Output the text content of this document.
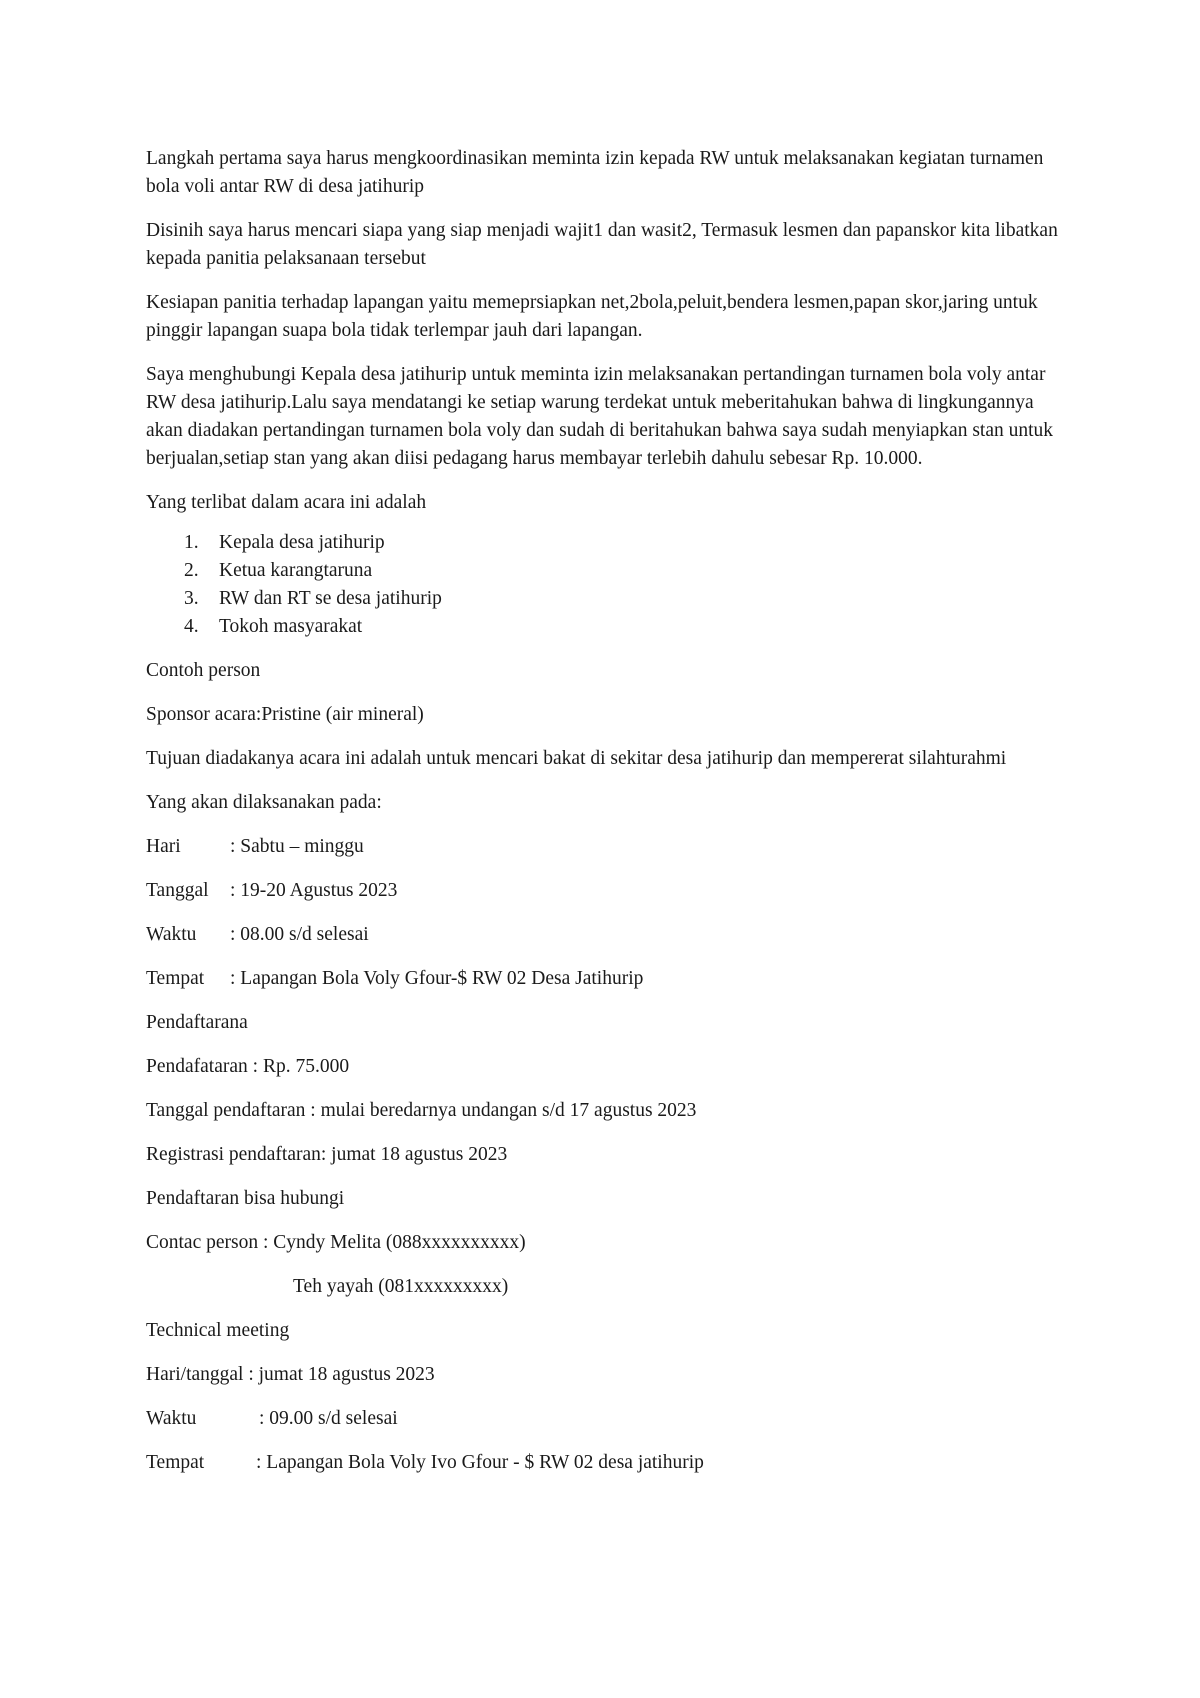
Langkah pertama saya harus mengkoordinasikan meminta izin kepada RW untuk melaksanakan kegiatan turnamen bola voli antar RW di desa jatihurip

Disinih saya harus mencari siapa yang siap menjadi wajit1 dan wasit2, Termasuk lesmen dan papanskor kita libatkan kepada panitia pelaksanaan tersebut

Kesiapan panitia terhadap lapangan yaitu memeprsiapkan net,2bola,peluit,bendera lesmen,papan skor,jaring untuk pinggir lapangan suapa bola tidak terlempar jauh dari lapangan.

Saya menghubungi Kepala desa jatihurip untuk meminta izin melaksanakan pertandingan turnamen bola voly antar RW desa jatihurip.Lalu saya mendatangi ke setiap warung terdekat untuk meberitahukan bahwa di lingkungannya akan diadakan pertandingan turnamen bola voly dan sudah di beritahukan bahwa saya sudah menyiapkan stan untuk berjualan,setiap stan yang akan diisi pedagang harus membayar terlebih dahulu sebesar Rp. 10.000.

Yang terlibat dalam acara ini adalah

1. Kepala desa jatihurip
2. Ketua karangtaruna
3. RW dan RT se desa jatihurip
4. Tokoh masyarakat

Contoh person

Sponsor acara:Pristine (air mineral)

Tujuan diadakanya acara ini adalah untuk mencari bakat di sekitar desa jatihurip dan mempererat silahturahmi

Yang akan dilaksanakan pada:

Hari	: Sabtu – minggu
Tanggal : 19-20 Agustus 2023
Waktu : 08.00 s/d selesai
Tempat : Lapangan Bola Voly Gfour-$ RW 02 Desa Jatihurip

Pendaftarana

Pendafataran : Rp. 75.000

Tanggal pendaftaran : mulai beredarnya undangan s/d 17 agustus 2023

Registrasi pendaftaran: jumat 18 agustus 2023

Pendaftaran bisa hubungi

Contac person : Cyndy Melita (088xxxxxxxxxx)

Teh yayah (081xxxxxxxxx)

Technical meeting

Hari/tanggal : jumat 18 agustus 2023

Waktu	: 09.00 s/d selesai
Tempat	: Lapangan Bola Voly Ivo Gfour - $ RW 02 desa jatihurip
